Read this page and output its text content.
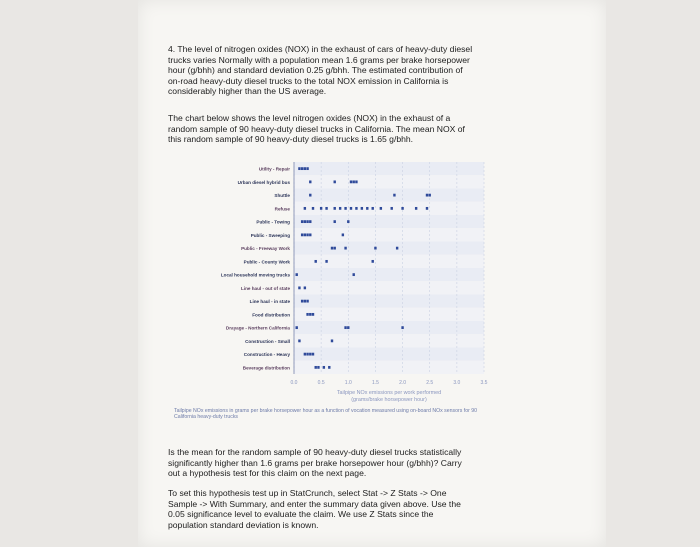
4. The level of nitrogen oxides (NOX) in the exhaust of cars of heavy-duty diesel
trucks varies Normally with a population mean 1.6 grams per brake horsepower
hour (g/bhh) and standard deviation 0.25 g/bhh. The estimated contribution of
on-road heavy-duty diesel trucks to the total NOX emission in California is
considerably higher than the US average.
The chart below shows the level nitrogen oxides (NOX) in the exhaust of a
random sample of 90 heavy-duty diesel trucks in California. The mean NOX of
this random sample of 90 heavy-duty diesel trucks is 1.65 g/bhh.
Utility - Repair
Urban diesel hybrid bus
Shuttle
Refuse
Public - Towing
Public - Sweeping
Public - Freeway Work
Public - County Work
Local household moving trucks
Line haul - out of state
Line haul - in state
Food distribution
Drayage - Northern California
Construction - Small
Construction - Heavy
Beverage distribution
0.0	0.5	1.0	1.5	2.0	2.5	3.0	3.5
Tailpipe NOx emissions per work performed
(grams/brake horsepower hour)
Tailpipe NOx emissions in grams per brake horsepower hour as a function of vocation measured using on-board NOx sensors for 90
California heavy-duty trucks
Is the mean for the random sample of 90 heavy-duty diesel trucks statistically
significantly higher than 1.6 grams per brake horsepower hour (g/bhh)? Carry
out a hypothesis test for this claim on the next page.
To set this hypothesis test up in StatCrunch, select Stat -> Z Stats -> One
Sample -> With Summary, and enter the summary data given above. Use the
0.05 significance level to evaluate the claim. We use Z Stats since the
population standard deviation is known.
